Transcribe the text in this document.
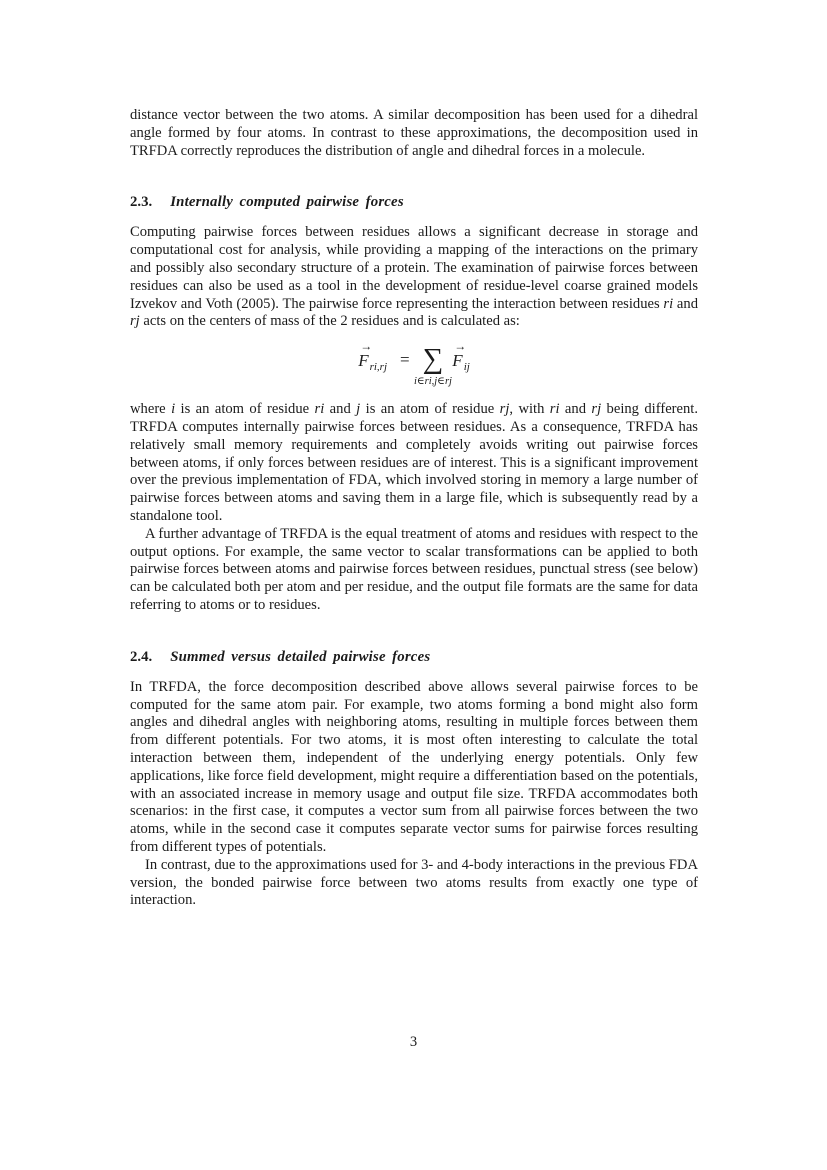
distance vector between the two atoms. A similar decomposition has been used for a dihedral angle formed by four atoms. In contrast to these approximations, the decomposition used in TRFDA correctly reproduces the distribution of angle and dihedral forces in a molecule.

2.3. Internally computed pairwise forces

Computing pairwise forces between residues allows a significant decrease in storage and computational cost for analysis, while providing a mapping of the interactions on the primary and possibly also secondary structure of a protein. The examination of pairwise forces between residues can also be used as a tool in the development of residue-level coarse grained models Izvekov and Voth (2005). The pairwise force representing the interaction between residues ri and rj acts on the centers of mass of the 2 residues and is calculated as:

→
F ri,rj = ∑
i∈ri,j∈rj
→
F ij

where i is an atom of residue ri and j is an atom of residue rj, with ri and rj being different. TRFDA computes internally pairwise forces between residues. As a consequence, TRFDA has relatively small memory requirements and completely avoids writing out pairwise forces between atoms, if only forces between residues are of interest. This is a significant improvement over the previous implementation of FDA, which involved storing in memory a large number of pairwise forces between atoms and saving them in a large file, which is subsequently read by a standalone tool.

A further advantage of TRFDA is the equal treatment of atoms and residues with respect to the output options. For example, the same vector to scalar transformations can be applied to both pairwise forces between atoms and pairwise forces between residues, punctual stress (see below) can be calculated both per atom and per residue, and the output file formats are the same for data referring to atoms or to residues.

2.4. Summed versus detailed pairwise forces

In TRFDA, the force decomposition described above allows several pairwise forces to be computed for the same atom pair. For example, two atoms forming a bond might also form angles and dihedral angles with neighboring atoms, resulting in multiple forces between them from different potentials. For two atoms, it is most often interesting to calculate the total interaction between them, independent of the underlying energy potentials. Only few applications, like force field development, might require a differentiation based on the potentials, with an associated increase in memory usage and output file size. TRFDA accommodates both scenarios: in the first case, it computes a vector sum from all pairwise forces between the two atoms, while in the second case it computes separate vector sums for pairwise forces resulting from different types of potentials.

In contrast, due to the approximations used for 3- and 4-body interactions in the previous FDA version, the bonded pairwise force between two atoms results from exactly one type of interaction.

3
